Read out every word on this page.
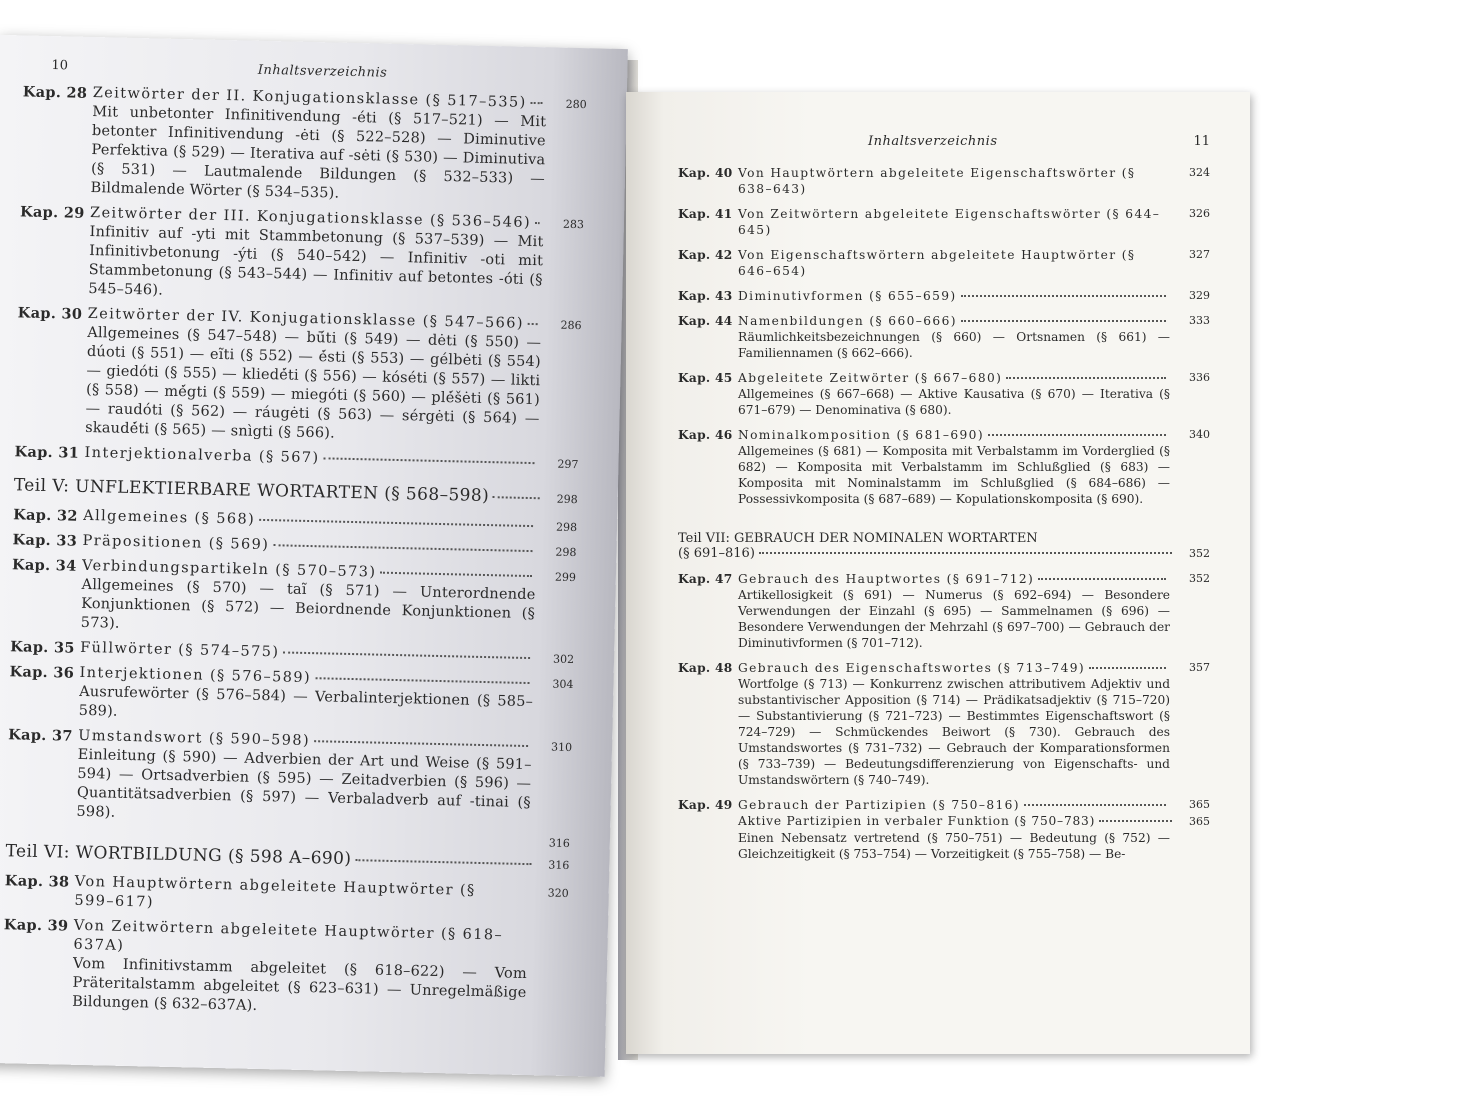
10	Inhaltsverzeichnis
Kap. 28 Zeitwörter der II. Konjugationsklasse (§ 517–535)
Mit unbetonter Infinitivendung -éti (§ 517–521) — Mit betonter Infinitivendung -ėti (§ 522–528) — Diminutive Perfektiva (§ 529) — Iterativa auf -sėti (§ 530) — Diminutiva (§ 531) — Lautmalende Bildungen (§ 532–533) — Bildmalende Wörter (§ 534–535).
280
Kap. 29 Zeitwörter der III. Konjugationsklasse (§ 536–546)
Infinitiv auf -yti mit Stammbetonung (§ 537–539) — Mit Infinitivbetonung -ýti (§ 540–542) — Infinitiv -oti mit Stammbetonung (§ 543–544) — Infinitiv auf betontes -óti (§ 545–546).
283
Kap. 30 Zeitwörter der IV. Konjugationsklasse (§ 547–566)
Allgemeines (§ 547–548) — bū́ti (§ 549) — dėti (§ 550) — dúoti (§ 551) — eĩti (§ 552) — ė́sti (§ 553) — gélbėti (§ 554) — giedóti (§ 555) — kliedė́ti (§ 556) — kóséti (§ 557) — likti (§ 558) — mė́gti (§ 559) — miegóti (§ 560) — plė́šėti (§ 561) — raudóti (§ 562) — ráugėti (§ 563) — sérgėti (§ 564) — skaudė́ti (§ 565) — snìgti (§ 566).
286
Kap. 31 Interjektionalverba (§ 567)	297
Teil V: UNFLEKTIERBARE WORTARTEN (§ 568–598)	298
Kap. 32 Allgemeines (§ 568)	298
Kap. 33 Präpositionen (§ 569)	298
Kap. 34 Verbindungspartikeln (§ 570–573)
Allgemeines (§ 570) — taĩ (§ 571) — Unterordnende Konjunktionen (§ 572) — Beiordnende Konjunktionen (§ 573).
299
Kap. 35 Füllwörter (§ 574–575)	302
Kap. 36 Interjektionen (§ 576–589)
Ausrufewörter (§ 576–584) — Verbalinterjektionen (§ 585–589).
304
Kap. 37 Umstandswort (§ 590–598)
Einleitung (§ 590) — Adverbien der Art und Weise (§ 591–594) — Ortsadverbien (§ 595) — Zeitadverbien (§ 596) — Quantitätsadverbien (§ 597) — Verbaladverb auf -tinai (§ 598).
310
316
Teil VI: WORTBILDUNG (§ 598 A–690)	316
Kap. 38 Von Hauptwörtern abgeleitete Hauptwörter (§ 599–617)	320
Kap. 39 Von Zeitwörtern abgeleitete Hauptwörter (§ 618–637A)
Vom Infinitivstamm abgeleitet (§ 618–622) — Vom Präteritalstamm abgeleitet (§ 623–631) — Unregelmäßige Bildungen (§ 632–637A).
Inhaltsverzeichnis	11
Kap. 40 Von Hauptwörtern abgeleitete Eigenschaftswörter (§ 638–643)
324
Kap. 41 Von Zeitwörtern abgeleitete Eigenschaftswörter (§ 644–645)
326
Kap. 42 Von Eigenschaftswörtern abgeleitete Hauptwörter (§ 646–654)
327
Kap. 43 Diminutivformen (§ 655–659)	329
Kap. 44 Namenbildungen (§ 660–666)
Räumlichkeitsbezeichnungen (§ 660) — Ortsnamen (§ 661) — Familiennamen (§ 662–666).
333
Kap. 45 Abgeleitete Zeitwörter (§ 667–680)
Allgemeines (§ 667–668) — Aktive Kausativa (§ 670) — Iterativa (§ 671–679) — Denominativa (§ 680).
336
Kap. 46 Nominalkomposition (§ 681–690)
Allgemeines (§ 681) — Komposita mit Verbalstamm im Vorderglied (§ 682) — Komposita mit Verbalstamm im Schlußglied (§ 683) — Komposita mit Nominalstamm im Schlußglied (§ 684–686) — Possessivkomposita (§ 687–689) — Kopulationskomposita (§ 690).
340
Teil VII: GEBRAUCH DER NOMINALEN WORTARTEN
(§ 691–816)	352
Kap. 47 Gebrauch des Hauptwortes (§ 691–712)
Artikellosigkeit (§ 691) — Numerus (§ 692–694) — Besondere Verwendungen der Einzahl (§ 695) — Sammelnamen (§ 696) — Besondere Verwendungen der Mehrzahl (§ 697–700) — Gebrauch der Diminutivformen (§ 701–712).
352
Kap. 48 Gebrauch des Eigenschaftswortes (§ 713–749)
Wortfolge (§ 713) — Konkurrenz zwischen attributivem Adjektiv und substantivischer Apposition (§ 714) — Prädikatsadjektiv (§ 715–720) — Substantivierung (§ 721–723) — Bestimmtes Eigenschaftswort (§ 724–729) — Schmückendes Beiwort (§ 730). Gebrauch des Umstandswortes (§ 731–732) — Gebrauch der Komparationsformen (§ 733–739) — Bedeutungsdifferenzierung von Eigenschafts- und Umstandswörtern (§ 740–749).
357
Kap. 49 Gebrauch der Partizipien (§ 750–816)
Aktive Partizipien in verbaler Funktion (§ 750–783)	365
Einen Nebensatz vertretend (§ 750–751) — Bedeutung (§ 752) — Gleichzeitigkeit (§ 753–754) — Vorzeitigkeit (§ 755–758) — Be-
365
